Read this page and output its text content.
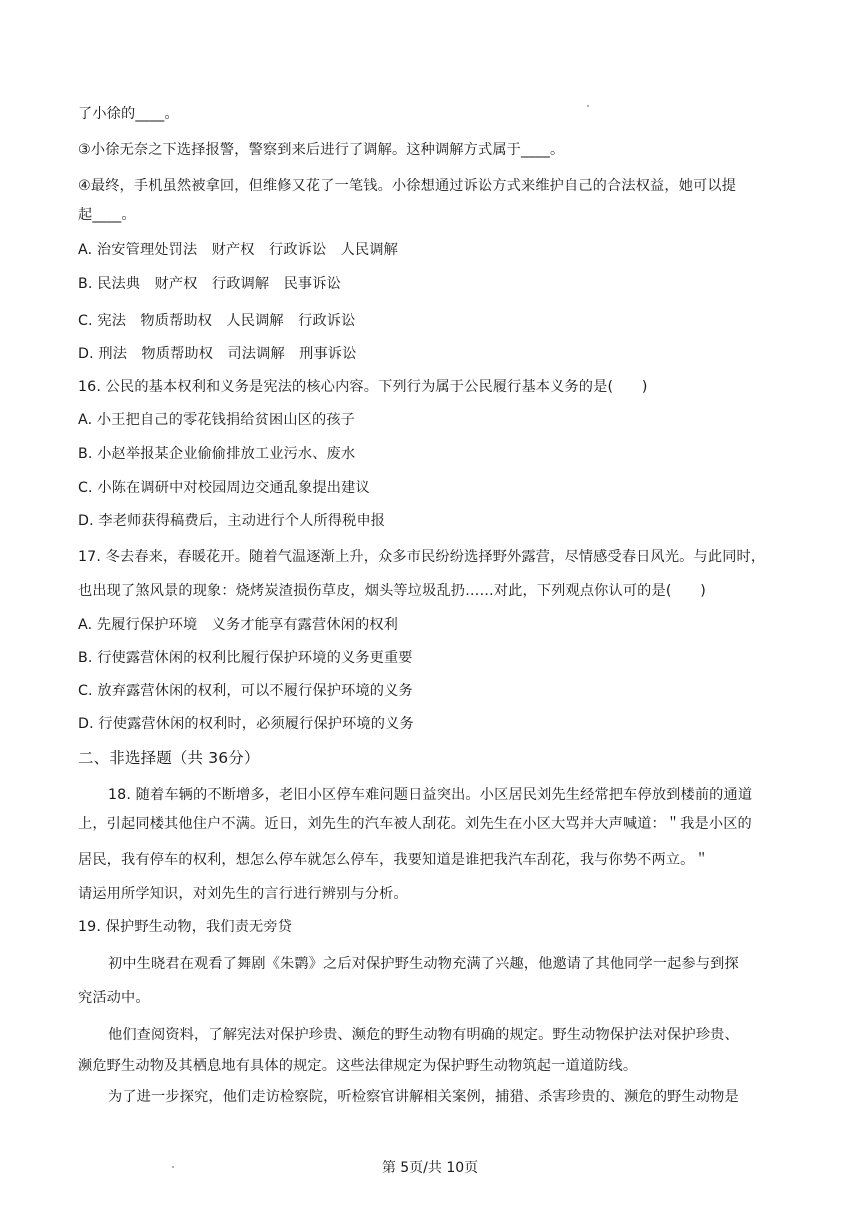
了小徐的____。
③小徐无奈之下选择报警，警察到来后进行了调解。这种调解方式属于____。
④最终，手机虽然被拿回，但维修又花了一笔钱。小徐想通过诉讼方式来维护自己的合法权益，她可以提
起____。
A. 治安管理处罚法　财产权　行政诉讼　人民调解
B. 民法典　财产权　行政调解　民事诉讼
C. 宪法　物质帮助权　人民调解　行政诉讼
D. 刑法　物质帮助权　司法调解　刑事诉讼
16. 公民的基本权利和义务是宪法的核心内容。下列行为属于公民履行基本义务的是(　　)
A. 小王把自己的零花钱捐给贫困山区的孩子
B. 小赵举报某企业偷偷排放工业污水、废水
C. 小陈在调研中对校园周边交通乱象提出建议
D. 李老师获得稿费后，主动进行个人所得税申报
17. 冬去春来，春暖花开。随着气温逐渐上升，众多市民纷纷选择野外露营，尽情感受春日风光。与此同时，
也出现了煞风景的现象：烧烤炭渣损伤草皮，烟头等垃圾乱扔……对此，下列观点你认可的是(　　)
A. 先履行保护环境　义务才能享有露营休闲的权利
B. 行使露营休闲的权利比履行保护环境的义务更重要
C. 放弃露营休闲的权利，可以不履行保护环境的义务
D. 行使露营休闲的权利时，必须履行保护环境的义务
二、非选择题（共 36分）
18. 随着车辆的不断增多，老旧小区停车难问题日益突出。小区居民刘先生经常把车停放到楼前的通道
上，引起同楼其他住户不满。近日，刘先生的汽车被人刮花。刘先生在小区大骂并大声喊道：＂我是小区的
居民，我有停车的权利，想怎么停车就怎么停车，我要知道是谁把我汽车刮花，我与你势不两立。＂
请运用所学知识，对刘先生的言行进行辨别与分析。
19. 保护野生动物，我们责无旁贷
初中生晓君在观看了舞剧《朱鹮》之后对保护野生动物充满了兴趣，他邀请了其他同学一起参与到探
究活动中。
他们查阅资料，了解宪法对保护珍贵、濒危的野生动物有明确的规定。野生动物保护法对保护珍贵、
濒危野生动物及其栖息地有具体的规定。这些法律规定为保护野生动物筑起一道道防线。
为了进一步探究，他们走访检察院，听检察官讲解相关案例，捕猎、杀害珍贵的、濒危的野生动物是
第 5页/共 10页
